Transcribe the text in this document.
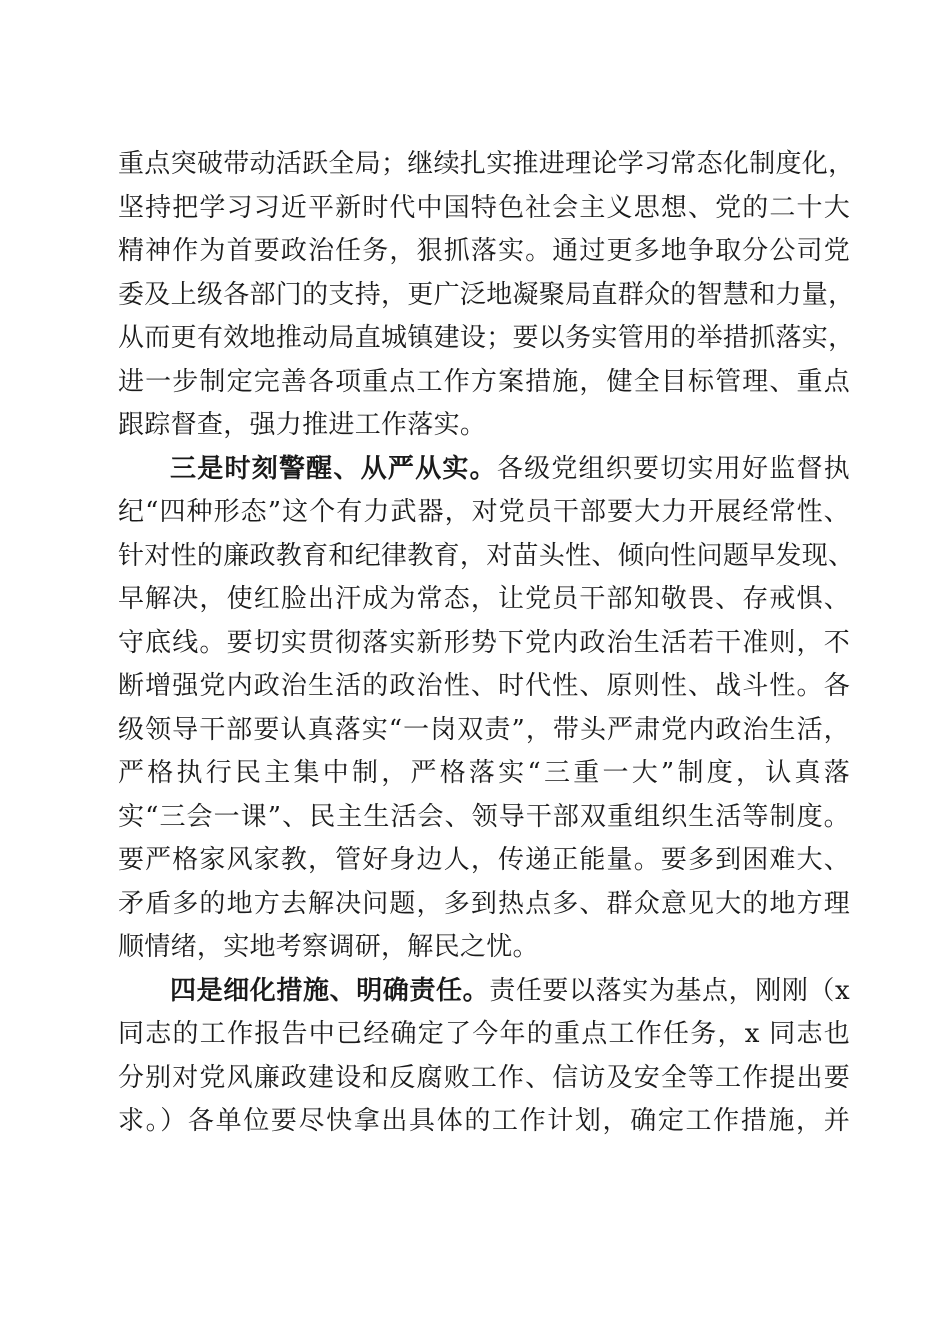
重点突破带动活跃全局；继续扎实推进理论学习常态化制度化，
坚持把学习习近平新时代中国特色社会主义思想、党的二十大
精神作为首要政治任务，狠抓落实。通过更多地争取分公司党
委及上级各部门的支持，更广泛地凝聚局直群众的智慧和力量，
从而更有效地推动局直城镇建设；要以务实管用的举措抓落实，
进一步制定完善各项重点工作方案措施，健全目标管理、重点
跟踪督查，强力推进工作落实。
三是时刻警醒、从严从实。各级党组织要切实用好监督执
纪“四种形态”这个有力武器，对党员干部要大力开展经常性、
针对性的廉政教育和纪律教育，对苗头性、倾向性问题早发现、
早解决，使红脸出汗成为常态，让党员干部知敬畏、存戒惧、
守底线。要切实贯彻落实新形势下党内政治生活若干准则，不
断增强党内政治生活的政治性、时代性、原则性、战斗性。各
级领导干部要认真落实“一岗双责”，带头严肃党内政治生活，
严格执行民主集中制，严格落实“三重一大”制度，认真落
实“三会一课”、民主生活会、领导干部双重组织生活等制度。
要严格家风家教，管好身边人，传递正能量。要多到困难大、
矛盾多的地方去解决问题，多到热点多、群众意见大的地方理
顺情绪，实地考察调研，解民之忧。
四是细化措施、明确责任。责任要以落实为基点，刚刚（x
同志的工作报告中已经确定了今年的重点工作任务，x 同志也
分别对党风廉政建设和反腐败工作、信访及安全等工作提出要
求。）各单位要尽快拿出具体的工作计划，确定工作措施，并
